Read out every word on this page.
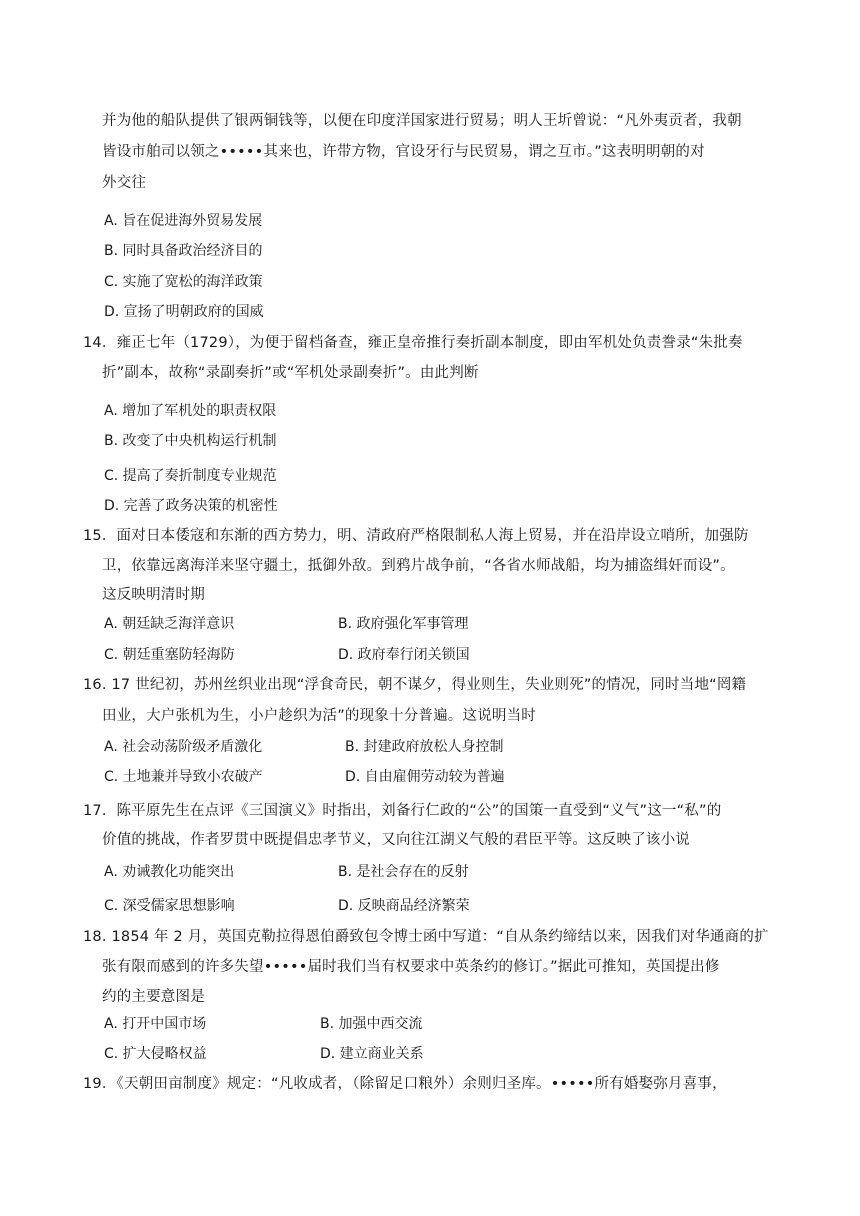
并为他的船队提供了银两铜钱等，以便在印度洋国家进行贸易；明人王圻曾说：“凡外夷贡者，我朝
皆设市舶司以领之•••••其来也，许带方物，官设牙行与民贸易，谓之互市。”这表明明朝的对
外交往
A. 旨在促进海外贸易发展
B. 同时具备政治经济目的
C. 实施了宽松的海洋政策
D. 宣扬了明朝政府的国威
14．雍正七年（1729），为便于留档备查，雍正皇帝推行奏折副本制度，即由军机处负责誊录“朱批奏
折”副本，故称“录副奏折”或“军机处录副奏折”。由此判断
A. 增加了军机处的职责权限
B. 改变了中央机构运行机制
C. 提高了奏折制度专业规范
D. 完善了政务决策的机密性
15．面对日本倭寇和东渐的西方势力，明、清政府严格限制私人海上贸易，并在沿岸设立哨所，加强防
卫，依靠远离海洋来坚守疆土，抵御外敌。到鸦片战争前，“各省水师战船，均为捕盗缉奸而设”。
这反映明清时期
A. 朝廷缺乏海洋意识	B. 政府强化军事管理
C. 朝廷重塞防轻海防	D. 政府奉行闭关锁国
16. 17 世纪初，苏州丝织业出现“浮食奇民，朝不谋夕，得业则生，失业则死”的情况，同时当地“罔籍
田业，大户张机为生，小户趁织为活”的现象十分普遍。这说明当时
A. 社会动荡阶级矛盾激化	B. 封建政府放松人身控制
C. 土地兼并导致小农破产	D. 自由雇佣劳动较为普遍
17．陈平原先生在点评《三国演义》时指出，刘备行仁政的“公”的国策一直受到“义气”这一“私”的
价值的挑战，作者罗贯中既提倡忠孝节义，又向往江湖义气般的君臣平等。这反映了该小说
A. 劝诫教化功能突出	B. 是社会存在的反射
C. 深受儒家思想影响	D. 反映商品经济繁荣
18. 1854 年 2 月，英国克勒拉得恩伯爵致包令博士函中写道：“自从条约缔结以来，因我们对华通商的扩
张有限而感到的许多失望•••••届时我们当有权要求中英条约的修订。”据此可推知，英国提出修
约的主要意图是
A. 打开中国市场	B. 加强中西交流
C. 扩大侵略权益	D. 建立商业关系
19．《天朝田亩制度》规定：“凡收成者，（除留足口粮外）余则归圣库。•••••所有婚娶弥月喜事，
